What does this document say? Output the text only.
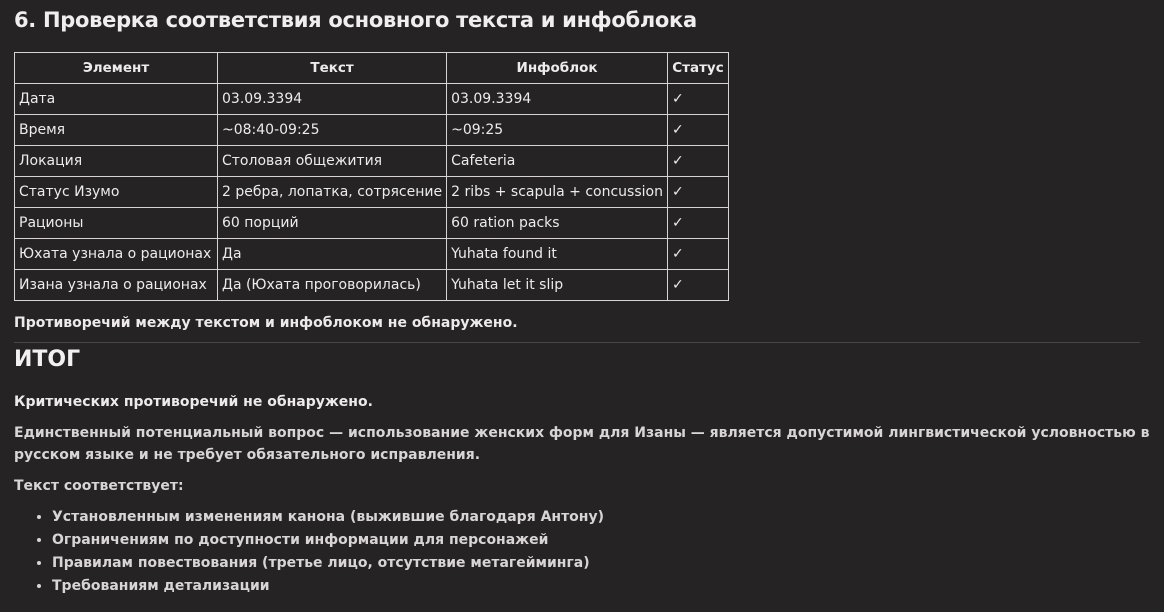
6. Проверка соответствия основного текста и инфоблока
Элемент	Текст	Инфоблок	Статус
Дата	03.09.3394	03.09.3394	✓
Время	~08:40-09:25	~09:25	✓
Локация	Столовая общежития	Cafeteria	✓
Статус Изумо	2 ребра, лопатка, сотрясение	2 ribs + scapula + concussion	✓
Рационы	60 порций	60 ration packs	✓
Юхата узнала о рационах	Да	Yuhata found it	✓
Изана узнала о рационах	Да (Юхата проговорилась)	Yuhata let it slip	✓

Противоречий между текстом и инфоблоком не обнаружено.

ИТОГ

Критических противоречий не обнаружено.

Единственный потенциальный вопрос — использование женских форм для Изаны — является допустимой лингвистической условностью в русском языке и не требует обязательного исправления.

Текст соответствует:

• Установленным изменениям канона (выжившие благодаря Антону)
• Ограничениям по доступности информации для персонажей
• Правилам повествования (третье лицо, отсутствие метагейминга)
• Требованиям детализации
